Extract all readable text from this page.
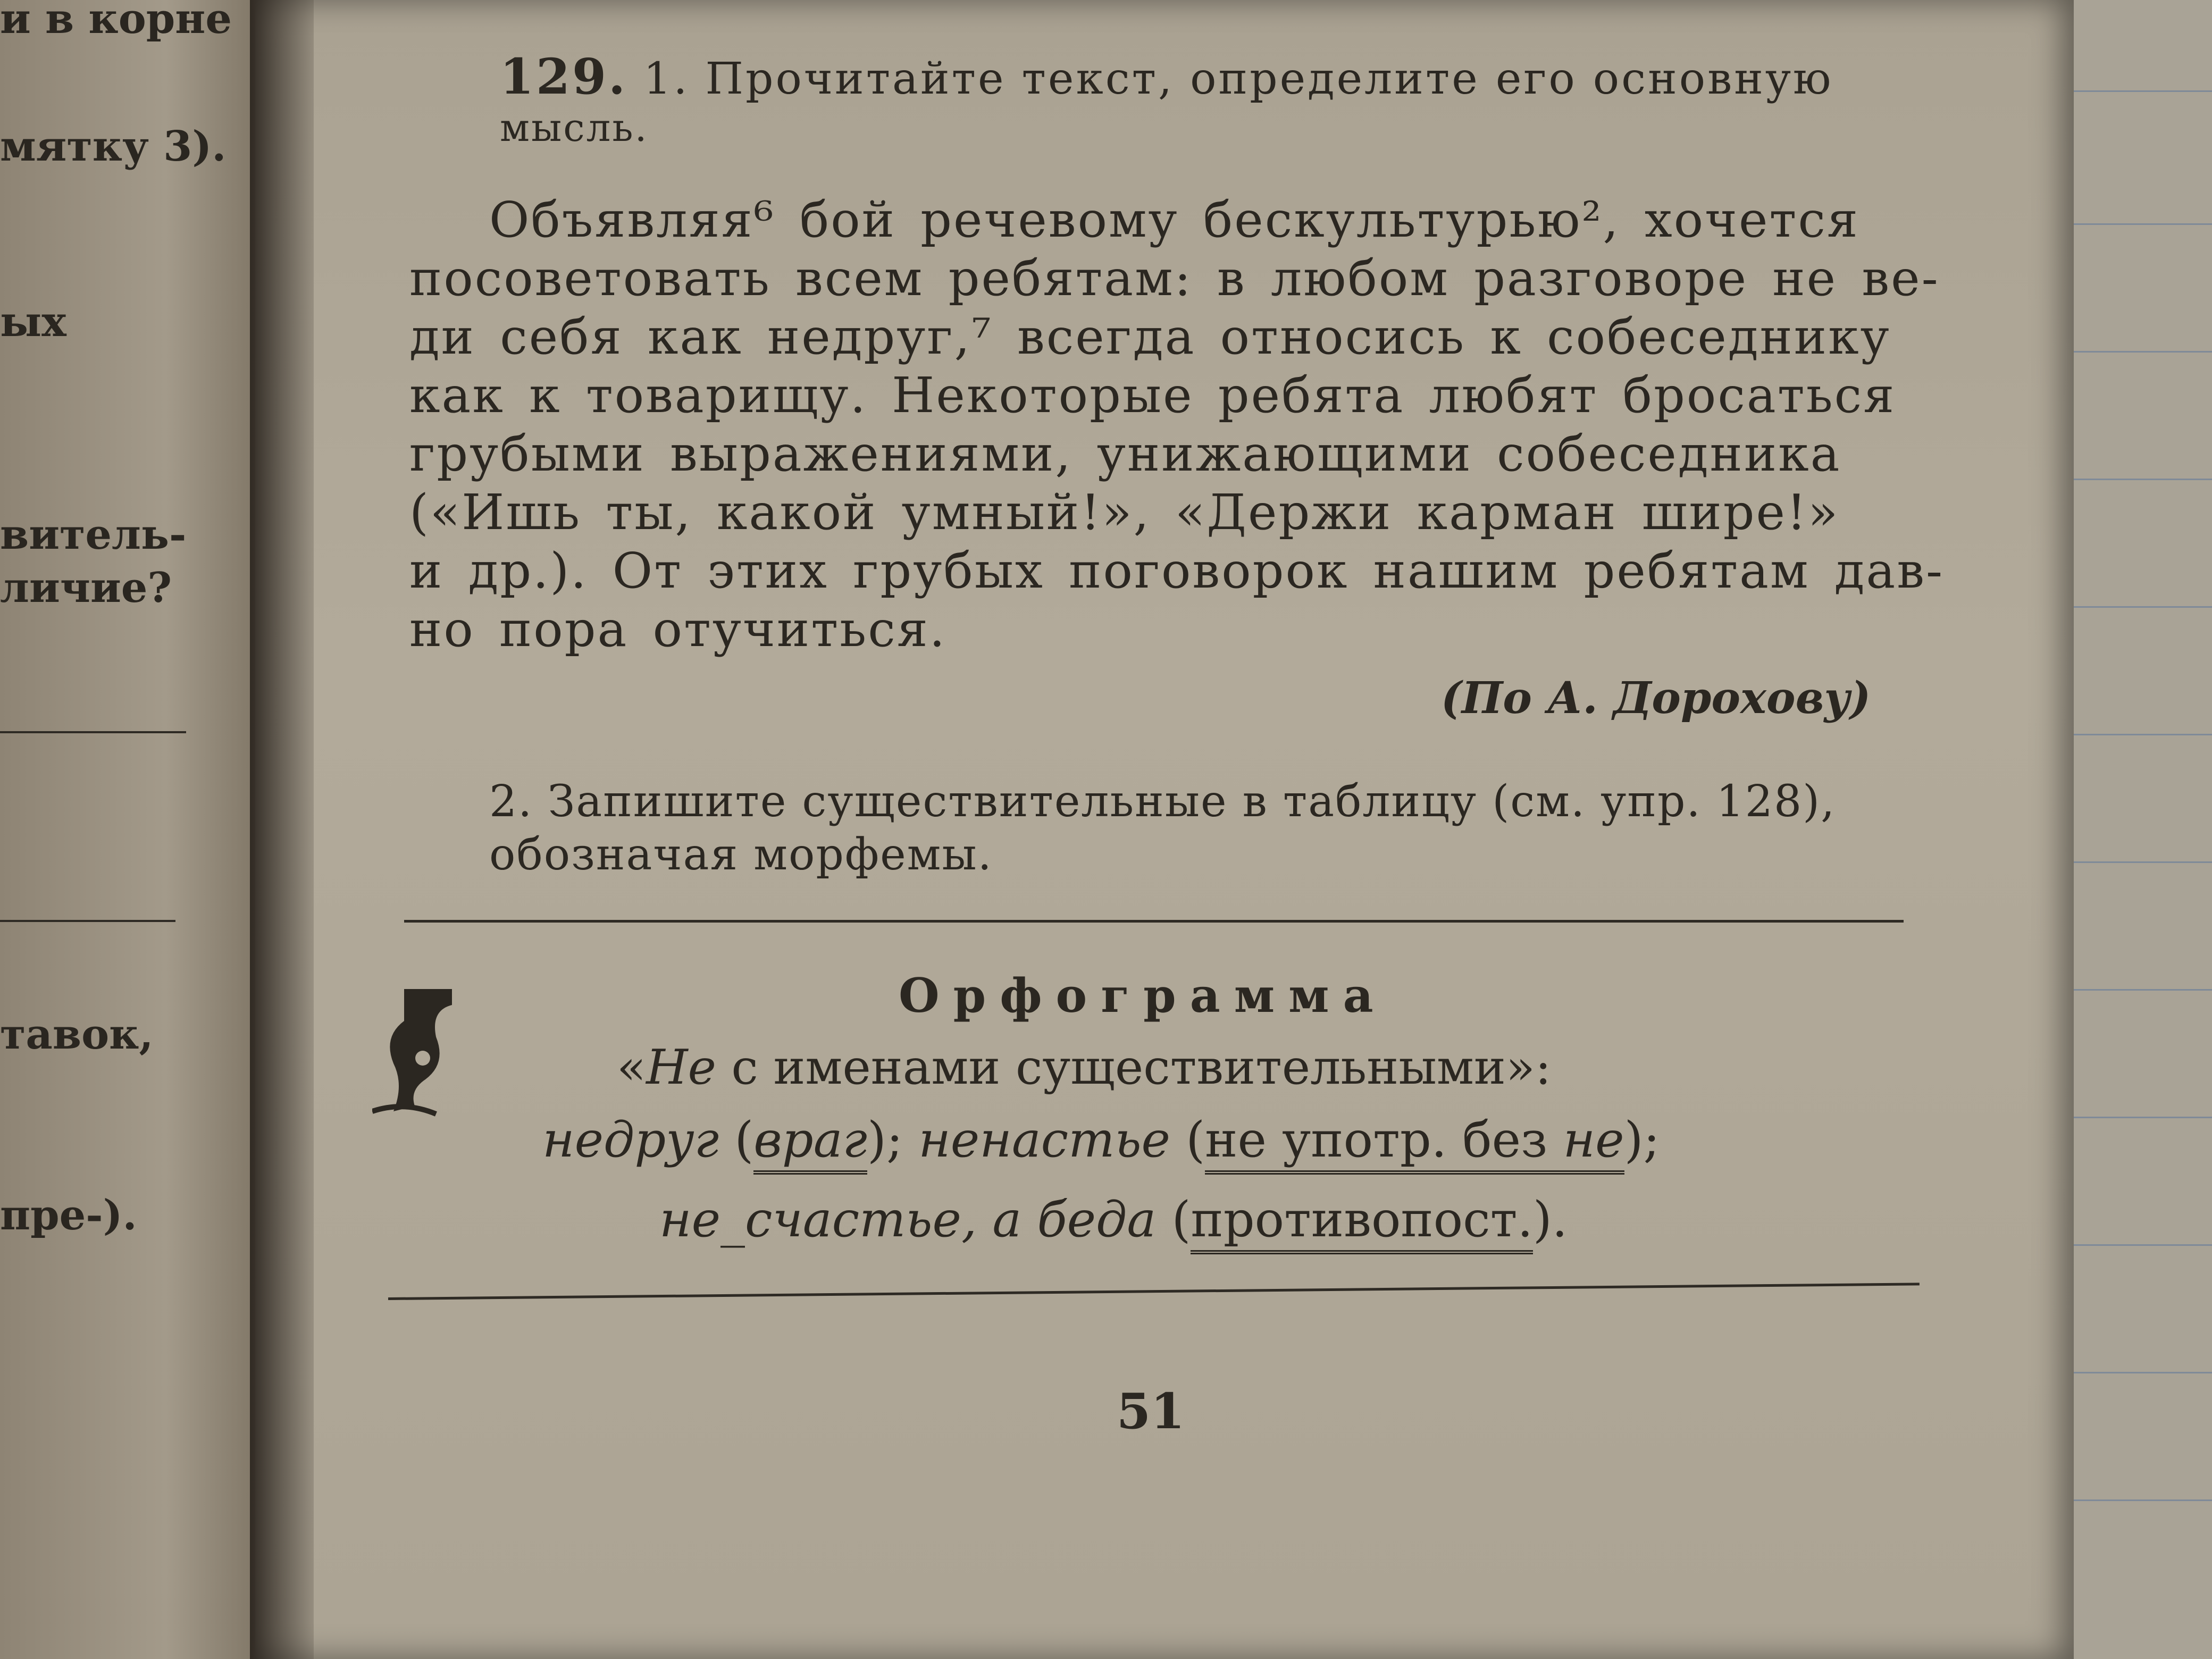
и в корне
мятку 3).
ых
витель-
личие?
тавок,
пре-).
129. 1. Прочитайте текст, определите его основную
мысль.
Объявляя⁶ бой речевому бескультурью², хочется
посоветовать всем ребятам: в любом разговоре не ве-
ди себя как недруг,⁷ всегда относись к собеседнику
как к товарищу. Некоторые ребята любят бросаться
грубыми выражениями, унижающими собеседника
(«Ишь ты, какой умный!», «Держи карман шире!»
и др.). От этих грубых поговорок нашим ребятам дав-
но пора отучиться.
(По А. Дорохову)
2. Запишите существительные в таблицу (см. упр. 128),
обозначая морфемы.
Орфограмма
«Не с именами существительными»:
недруг (враг); ненастье (не употр. без не);
не_счастье, а беда (противопост.).
51
